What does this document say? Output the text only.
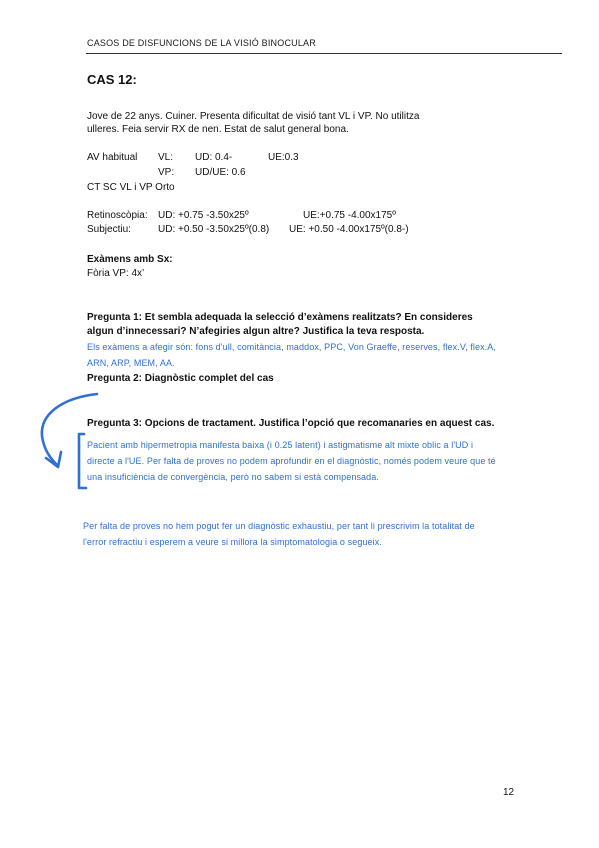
CASOS DE DISFUNCIONS DE LA VISIÓ BINOCULAR
CAS 12:
Jove de 22 anys. Cuiner. Presenta dificultat de visió tant VL i VP. No utilitza
ulleres. Feia servir RX de nen. Estat de salut general bona.
AV habitual VL: UD: 0.4-	UE:0.3
VP: UD/UE: 0.6
CT SC VL i VP Orto
Retinoscòpia: UD: +0.75 -3.50x25º	UE:+0.75 -4.00x175º
Subjectiu:	UD: +0.50 -3.50x25º(0.8) UE: +0.50 -4.00x175º(0.8-)
Exàmens amb Sx:
Fòria VP: 4x’
Pregunta 1: Et sembla adequada la selecció d’exàmens realitzats? En consideres
algun d’innecessari? N’afegiries algun altre? Justifica la teva resposta.
Els exàmens a afegir són: fons d'ull, comitància, maddox, PPC, Von Graeffe, reserves, flex.V, flex.A,
ARN, ARP, MEM, AA.
Pregunta 2: Diagnòstic complet del cas
Pregunta 3: Opcions de tractament. Justifica l’opció que recomanaries en aquest cas.
Pacient amb hipermetropia manifesta baixa (i 0.25 latent) i astigmatisme alt mixte oblic a l'UD i
directe a l'UE. Per falta de proves no podem aprofundir en el diagnòstic, només podem veure que té
una insuficiència de convergència, però no sabem si està compensada.
Per falta de proves no hem pogut fer un diagnòstic exhaustiu, per tant li prescrivim la totalitat de
l'error refractiu i esperem a veure si millora la simptomatologia o segueix.
12
